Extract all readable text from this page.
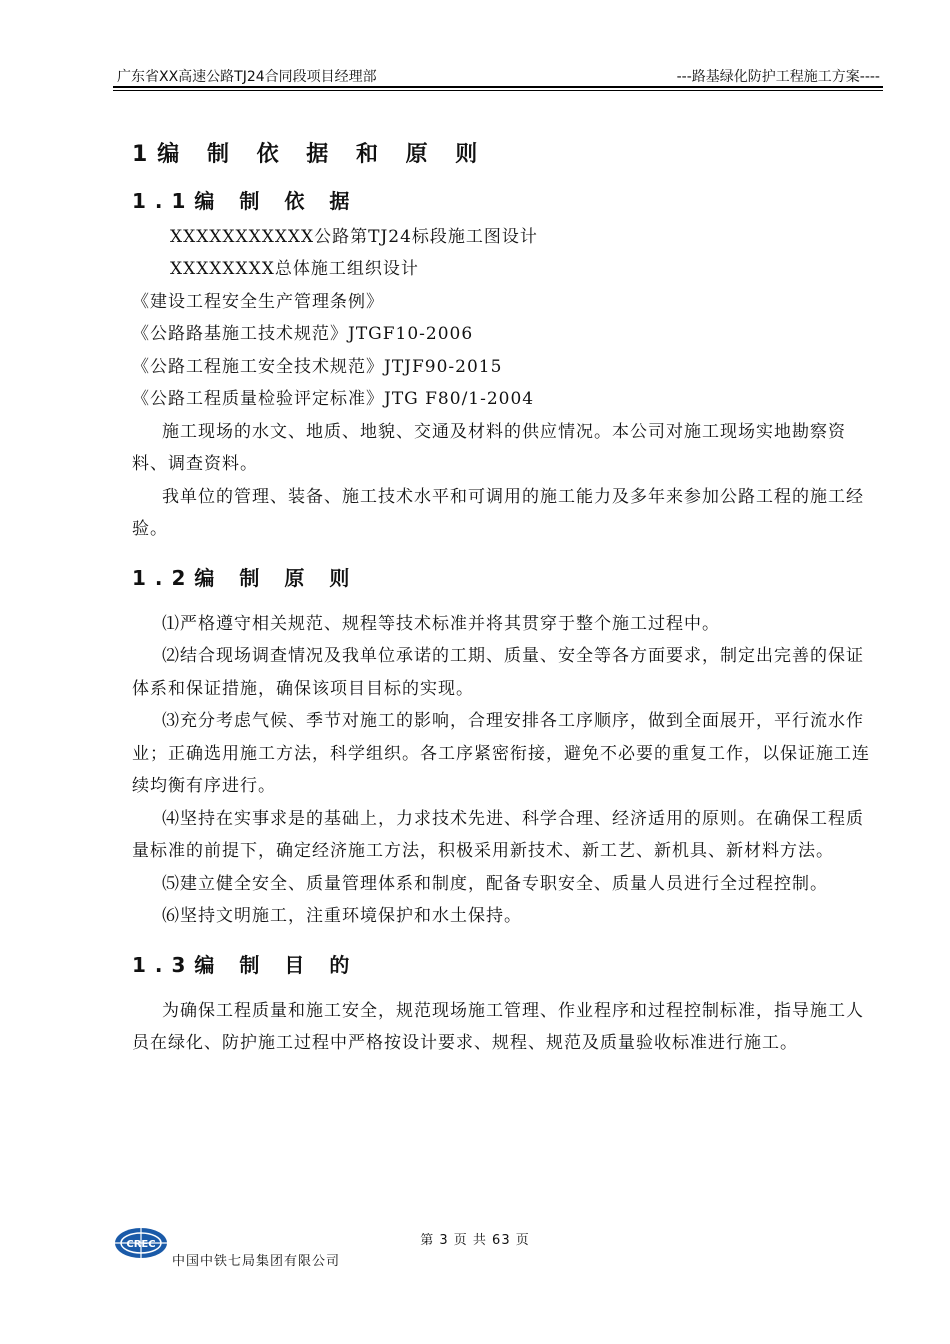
广东省XX高速公路TJ24合同段项目经理部	---路基绿化防护工程施工方案----
1编 制 依 据 和 原 则
1.1编 制 依 据

XXXXXXXXXXX公路第TJ24标段施工图设计

XXXXXXXX总体施工组织设计

《建设工程安全生产管理条例》

《公路路基施工技术规范》JTGF10-2006

《公路工程施工安全技术规范》JTJF90-2015

《公路工程质量检验评定标准》JTG F80/1-2004

施工现场的水文、地质、地貌、交通及材料的供应情况。本公司对施工现场实地勘察资料、调查资料。

我单位的管理、装备、施工技术水平和可调用的施工能力及多年来参加公路工程的施工经验。

1.2编 制 原 则

⑴严格遵守相关规范、规程等技术标准并将其贯穿于整个施工过程中。

⑵结合现场调查情况及我单位承诺的工期、质量、安全等各方面要求，制定出完善的保证体系和保证措施，确保该项目目标的实现。

⑶充分考虑气候、季节对施工的影响，合理安排各工序顺序，做到全面展开，平行流水作业；正确选用施工方法，科学组织。各工序紧密衔接，避免不必要的重复工作，以保证施工连续均衡有序进行。

⑷坚持在实事求是的基础上，力求技术先进、科学合理、经济适用的原则。在确保工程质量标准的前提下，确定经济施工方法，积极采用新技术、新工艺、新机具、新材料方法。

⑸建立健全安全、质量管理体系和制度，配备专职安全、质量人员进行全过程控制。

⑹坚持文明施工，注重环境保护和水土保持。

1.3编 制 目 的

为确保工程质量和施工安全，规范现场施工管理、作业程序和过程控制标准，指导施工人员在绿化、防护施工过程中严格按设计要求、规程、规范及质量验收标准进行施工。

第 3 页 共 63 页
CREC
中国中铁七局集团有限公司
